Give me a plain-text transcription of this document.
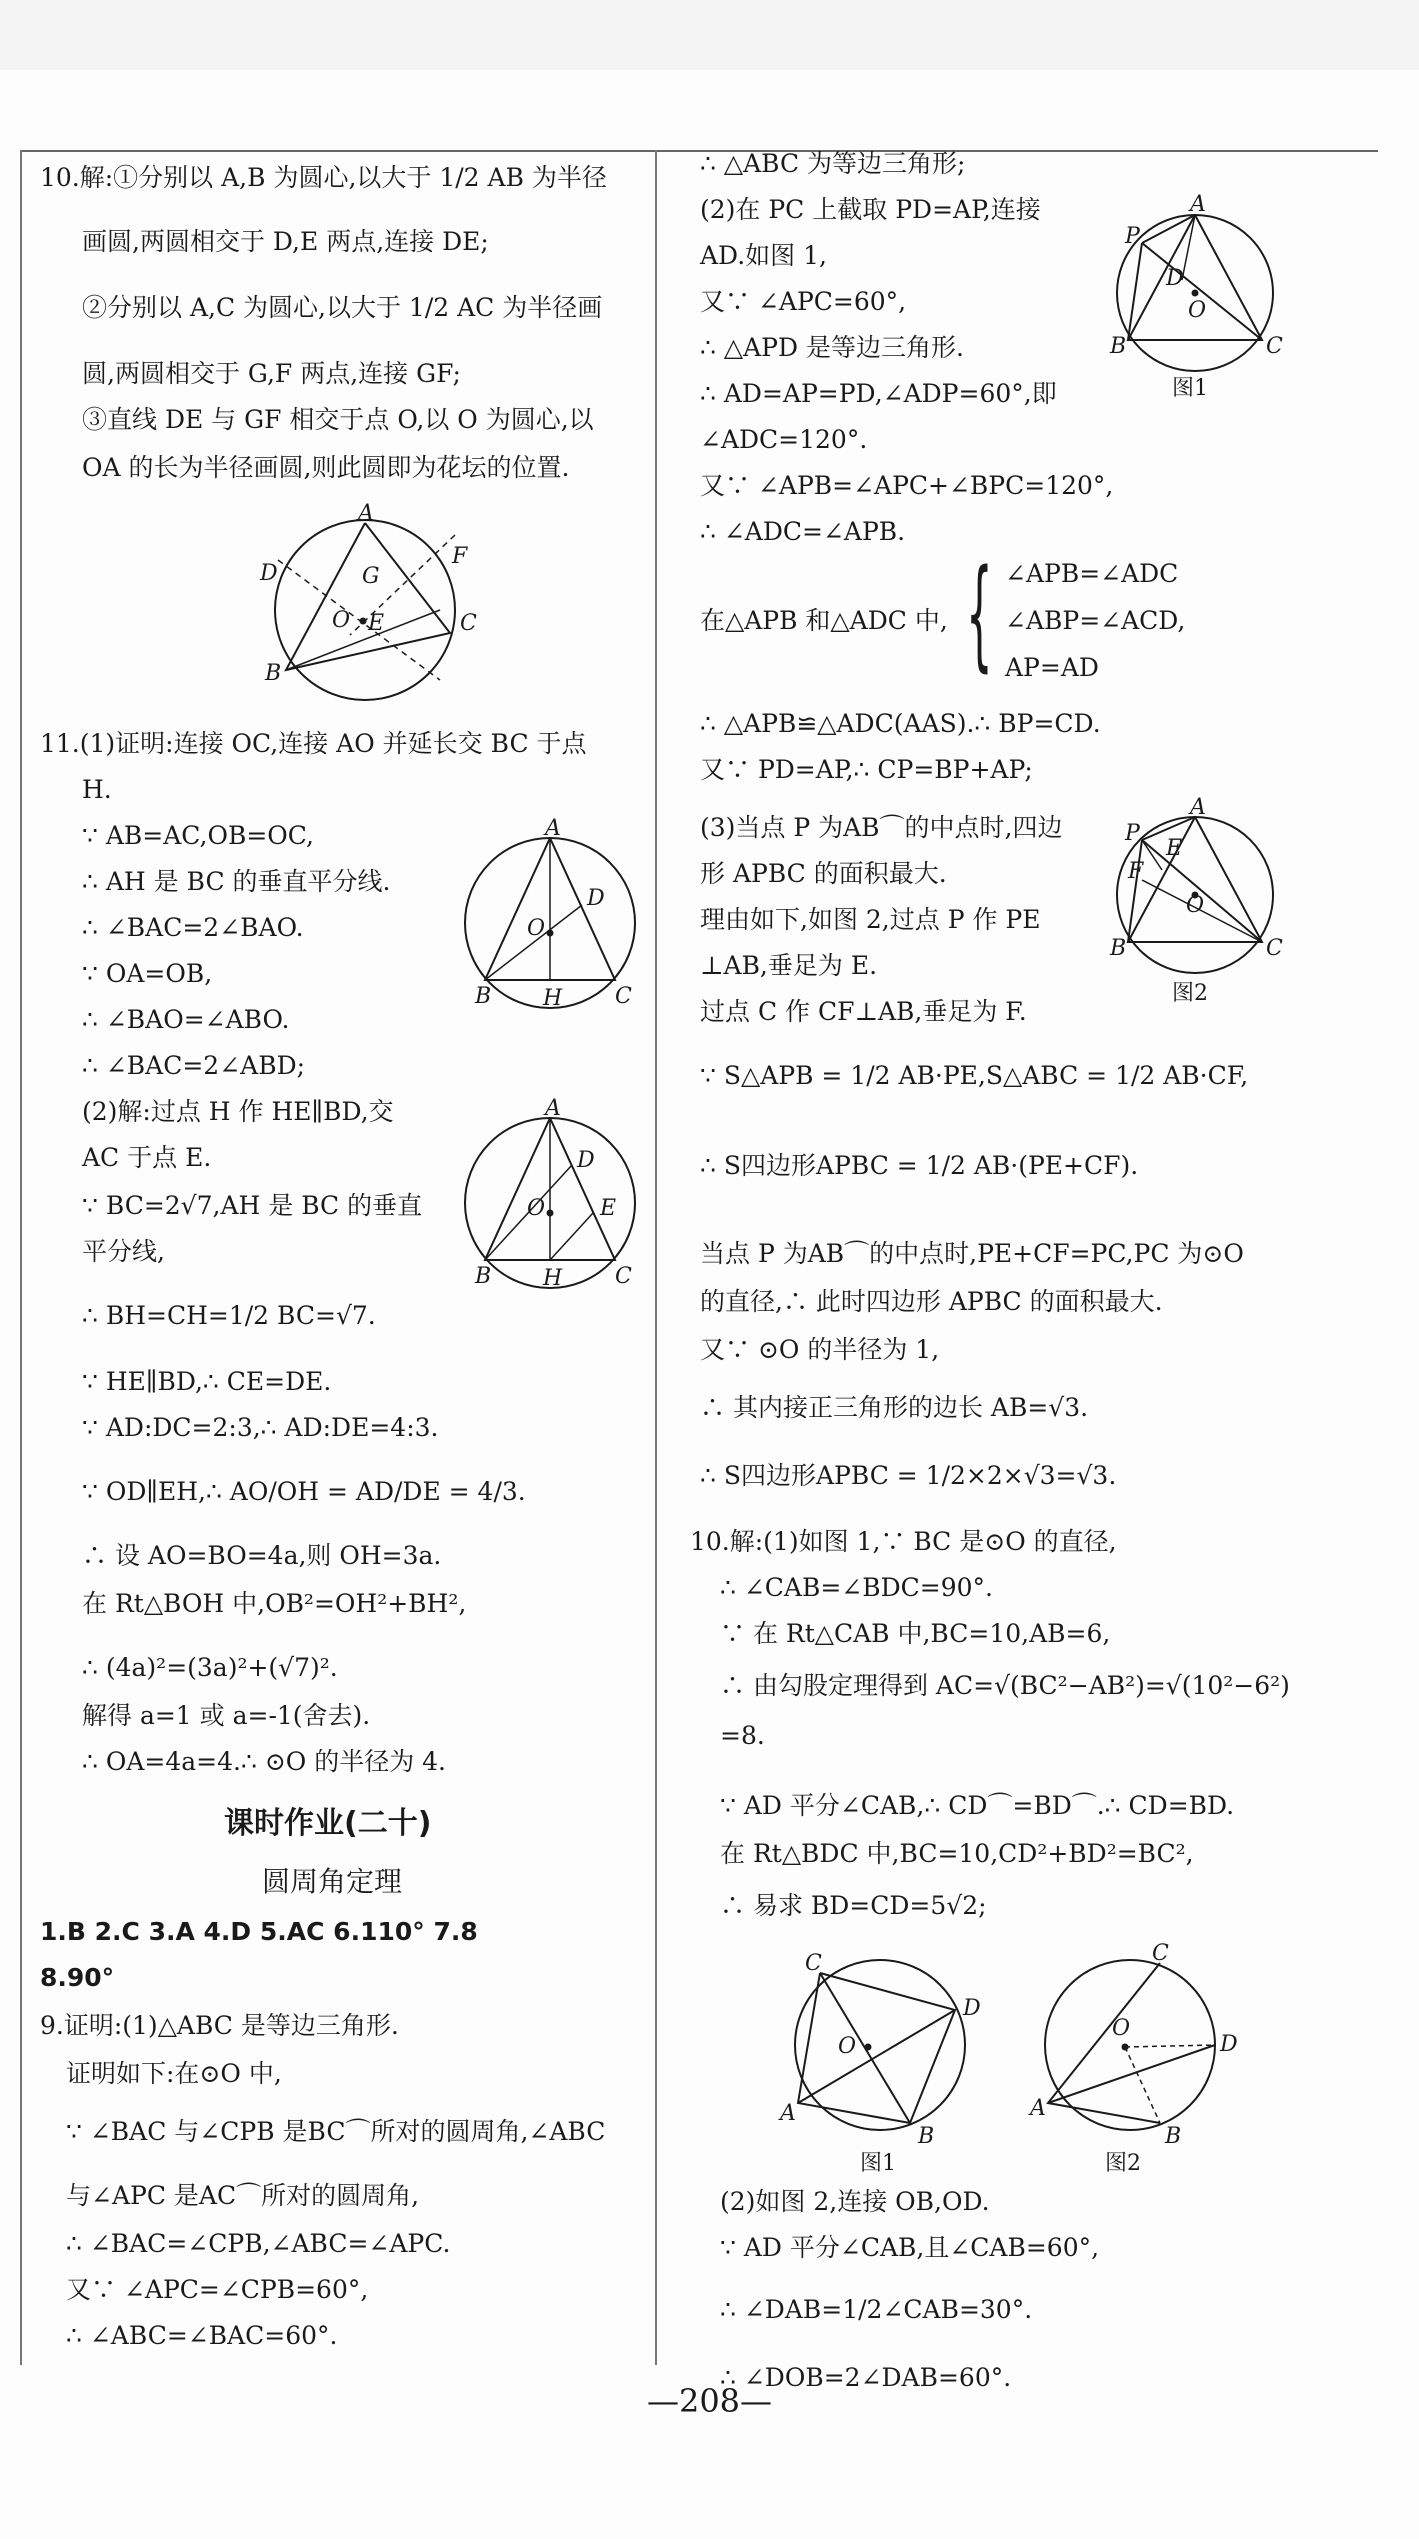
10.解:①分别以 A,B 为圆心,以大于 1/2 AB 为半径
画圆,两圆相交于 D,E 两点,连接 DE;
②分别以 A,C 为圆心,以大于 1/2 AC 为半径画
圆,两圆相交于 G,F 两点,连接 GF;
③直线 DE 与 GF 相交于点 O,以 O 为圆心,以
OA 的长为半径画圆,则此圆即为花坛的位置.
A
D
F
G
O E	C
B
11.(1)证明:连接 OC,连接 AO 并延长交 BC 于点
H.
∵ AB=AC,OB=OC,
∴ AH 是 BC 的垂直平分线.
∴ ∠BAC=2∠BAO.
∵ OA=OB,
∴ ∠BAO=∠ABO.
∴ ∠BAC=2∠ABD;
A
D
O
B H C
(2)解:过点 H 作 HE∥BD,交
AC 于点 E.
∵ BC=2√7,AH 是 BC 的垂直
平分线,
A
D
O E
B H C
∴ BH=CH=1/2 BC=√7.
∵ HE∥BD,∴ CE=DE.
∵ AD:DC=2:3,∴ AD:DE=4:3.
∵ OD∥EH,∴ AO/OH = AD/DE = 4/3.
∴ 设 AO=BO=4a,则 OH=3a.
在 Rt△BOH 中,OB²=OH²+BH²,
∴ (4a)²=(3a)²+(√7)².
解得 a=1 或 a=-1(舍去).
∴ OA=4a=4.∴ ⊙O 的半径为 4.
课时作业(二十)
圆周角定理
1.B 2.C 3.A 4.D 5.AC 6.110° 7.8
8.90°
9.证明:(1)△ABC 是等边三角形.
证明如下:在⊙O 中,
∵ ∠BAC 与∠CPB 是BC⌒所对的圆周角,∠ABC
与∠APC 是AC⌒所对的圆周角,
∴ ∠BAC=∠CPB,∠ABC=∠APC.
又∵ ∠APC=∠CPB=60°,
∴ ∠ABC=∠BAC=60°.
∴ △ABC 为等边三角形;
(2)在 PC 上截取 PD=AP,连接
AD.如图 1,
又∵ ∠APC=60°,
∴ △APD 是等边三角形.
∴ AD=AP=PD,∠ADP=60°,即
∠ADC=120°.
又∵ ∠APB=∠APC+∠BPC=120°,
∴ ∠ADC=∠APB.
A
P
D
O
B	C
图1
在△APB 和△ADC 中, { ∠APB=∠ADC
∠ABP=∠ACD,
AP=AD
∴ △APB≌△ADC(AAS).∴ BP=CD.
又∵ PD=AP,∴ CP=BP+AP;
(3)当点 P 为AB⌒的中点时,四边
形 APBC 的面积最大.
理由如下,如图 2,过点 P 作 PE
⊥AB,垂足为 E.
过点 C 作 CF⊥AB,垂足为 F.
A
P
E
F
O
B	C
图2
∵ S△APB = 1/2 AB·PE,S△ABC = 1/2 AB·CF,
∴ S四边形APBC = 1/2 AB·(PE+CF).
当点 P 为AB⌒的中点时,PE+CF=PC,PC 为⊙O
的直径,∴ 此时四边形 APBC 的面积最大.
又∵ ⊙O 的半径为 1,
∴ 其内接正三角形的边长 AB=√3.
∴ S四边形APBC = 1/2×2×√3=√3.
10.解:(1)如图 1,∵ BC 是⊙O 的直径,
∴ ∠CAB=∠BDC=90°.
∵ 在 Rt△CAB 中,BC=10,AB=6,
∴ 由勾股定理得到 AC=√(BC²−AB²)=√(10²−6²)
=8.
∵ AD 平分∠CAB,∴ CD⌒=BD⌒.∴ CD=BD.
在 Rt△BDC 中,BC=10,CD²+BD²=BC²,
∴ 易求 BD=CD=5√2;
C
D
O
A
B
图1
C
D
O
A
B
图2
(2)如图 2,连接 OB,OD.
∵ AD 平分∠CAB,且∠CAB=60°,
∴ ∠DAB=1/2∠CAB=30°.
∴ ∠DOB=2∠DAB=60°.
—208—
